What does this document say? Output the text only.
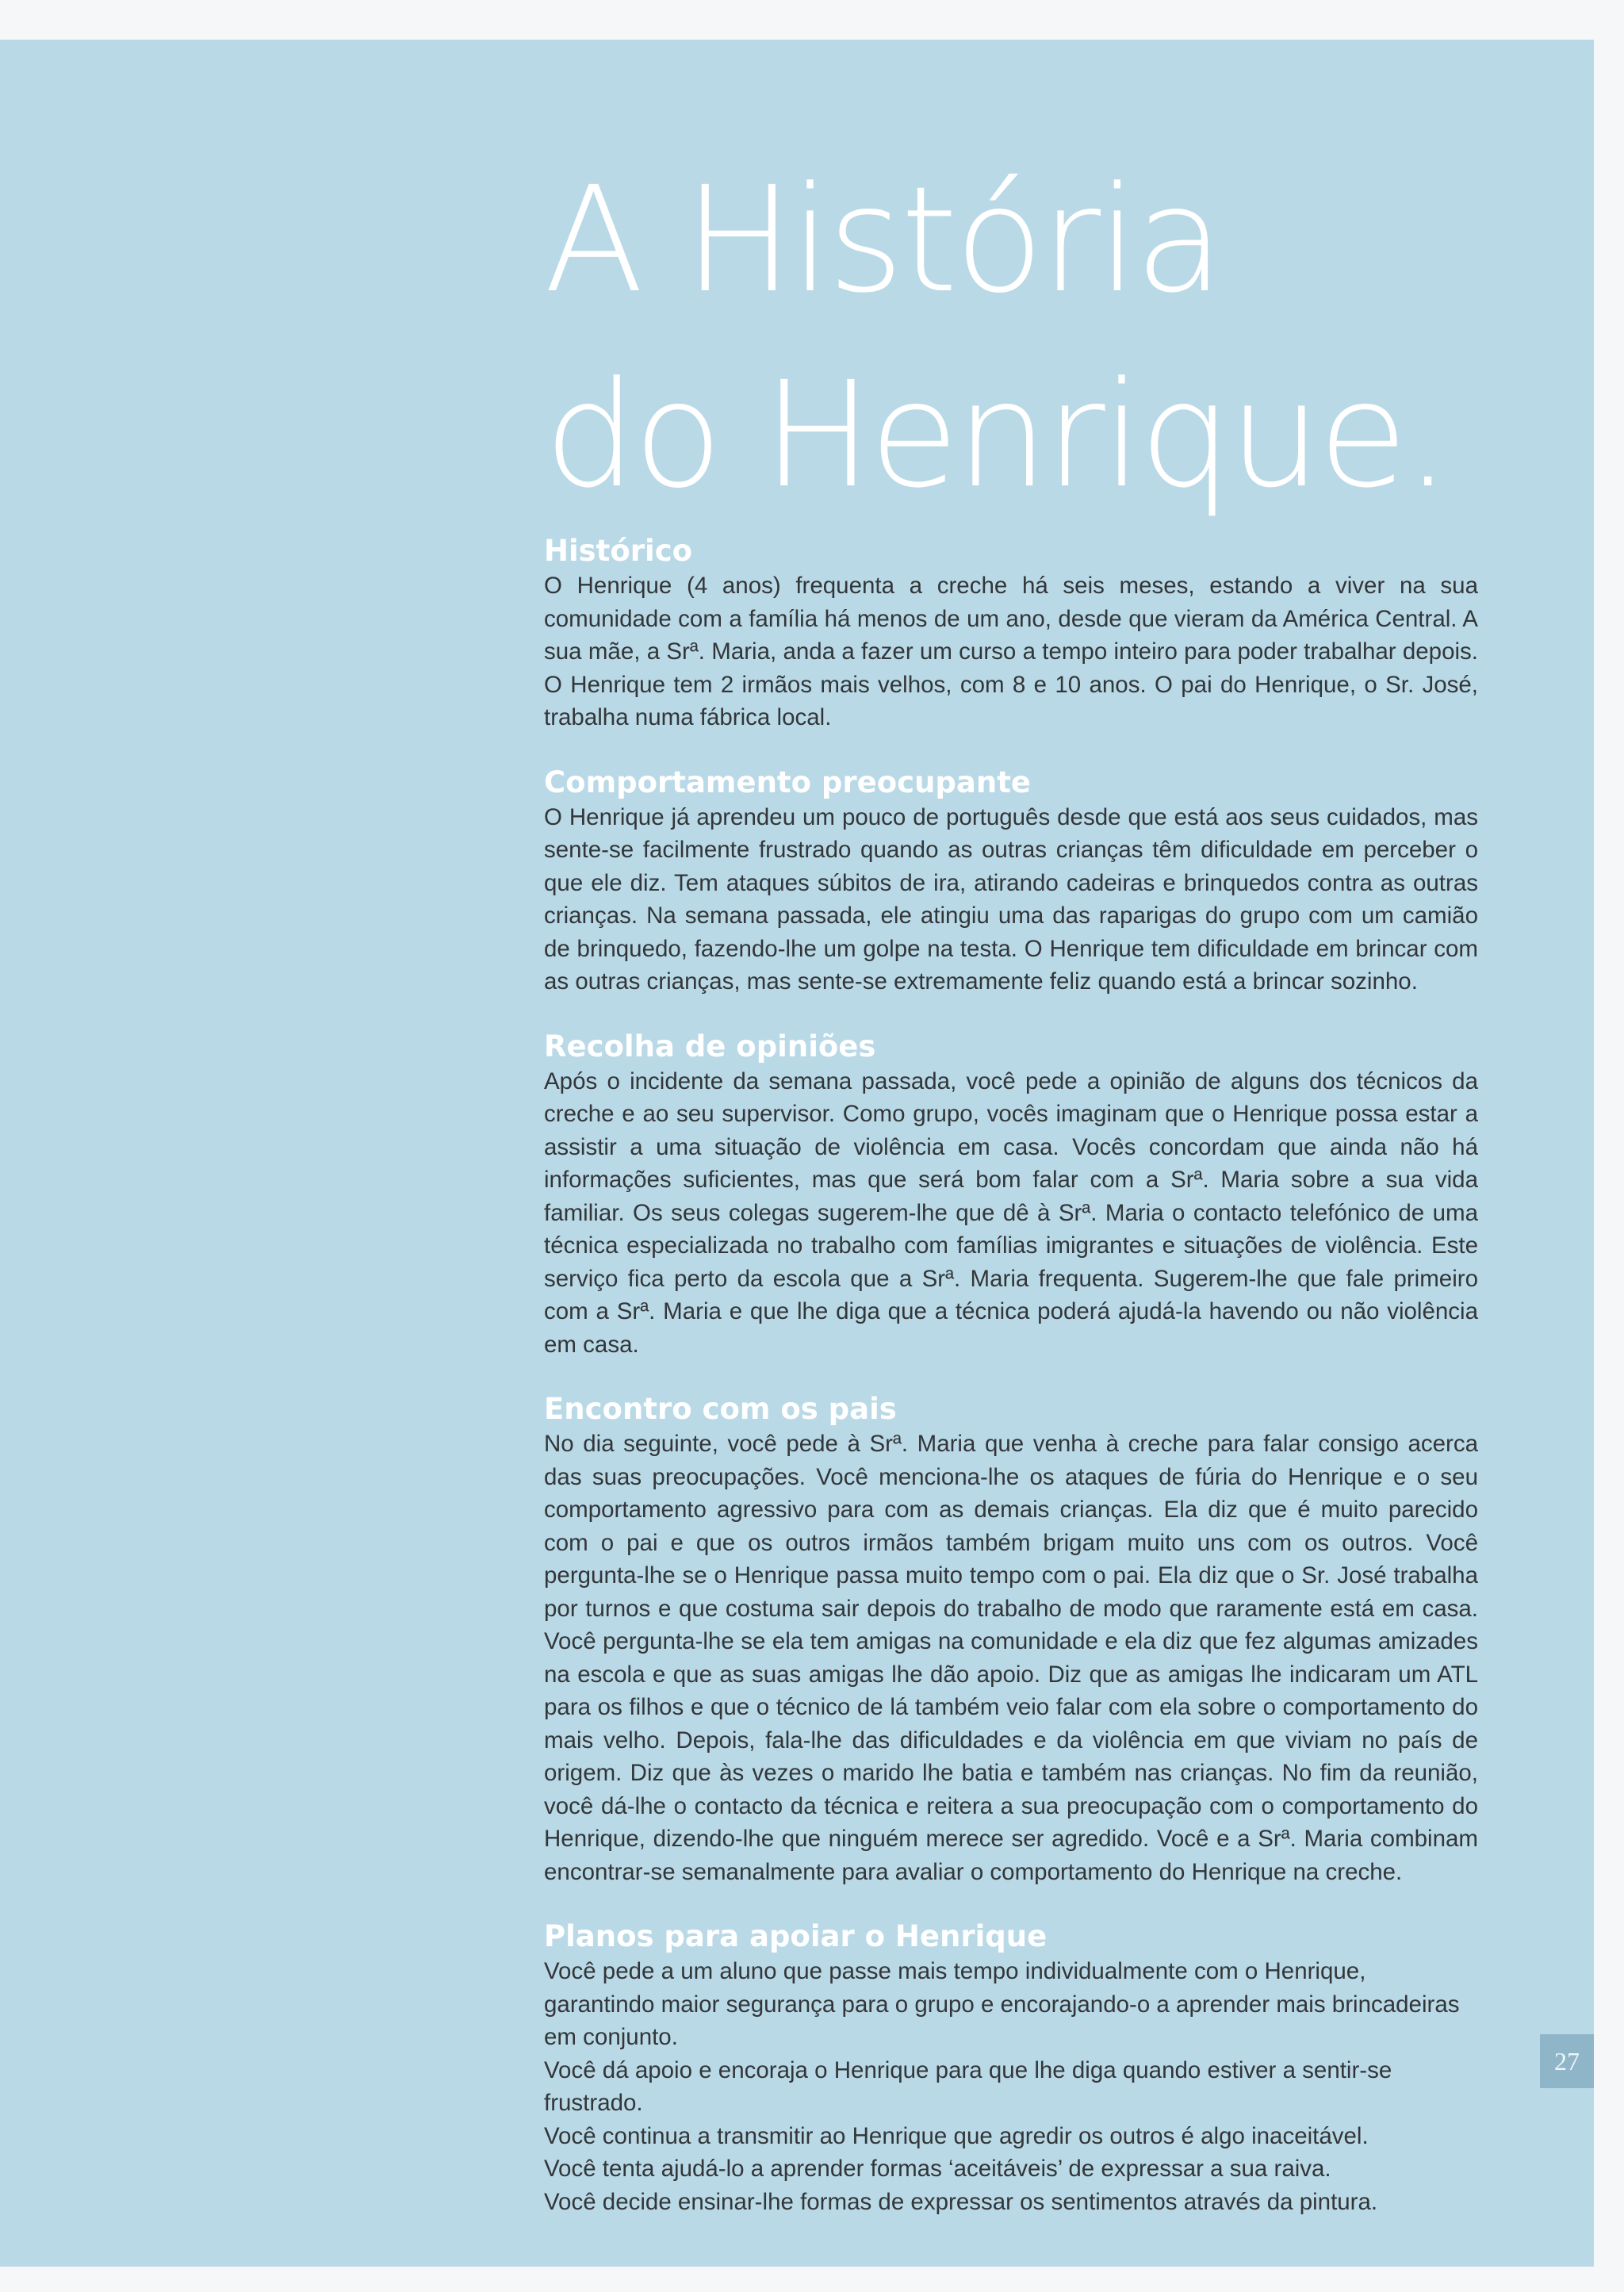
A História
do Henrique.
Histórico

O Henrique (4 anos) frequenta a creche há seis meses, estando a viver na sua comunidade com a família há menos de um ano, desde que vieram da América Central. A sua mãe, a Srª. Maria, anda a fazer um curso a tempo inteiro para poder trabalhar depois. O Henrique tem 2 irmãos mais velhos, com 8 e 10 anos. O pai do Henrique, o Sr. José, trabalha numa fábrica local.

Comportamento preocupante

O Henrique já aprendeu um pouco de português desde que está aos seus cuidados, mas sente-se facilmente frustrado quando as outras crianças têm dificuldade em perceber o que ele diz. Tem ataques súbitos de ira, atirando cadeiras e brinquedos contra as outras crianças. Na semana passada, ele atingiu uma das raparigas do grupo com um camião de brinquedo, fazendo-lhe um golpe na testa. O Henrique tem dificuldade em brincar com as outras crianças, mas sente-se extremamente feliz quando está a brincar sozinho.

Recolha de opiniões

Após o incidente da semana passada, você pede a opinião de alguns dos técnicos da creche e ao seu supervisor. Como grupo, vocês imaginam que o Henrique possa estar a assistir a uma situação de violência em casa. Vocês concordam que ainda não há informações suficientes, mas que será bom falar com a Srª. Maria sobre a sua vida familiar. Os seus colegas sugerem-lhe que dê à Srª. Maria o contacto telefónico de uma técnica especializada no trabalho com famílias imigrantes e situações de violência. Este serviço fica perto da escola que a Srª. Maria frequenta. Sugerem-lhe que fale primeiro com a Srª. Maria e que lhe diga que a técnica poderá ajudá-la havendo ou não violência em casa.

Encontro com os pais

No dia seguinte, você pede à Srª. Maria que venha à creche para falar consigo acerca das suas preocupações. Você menciona-lhe os ataques de fúria do Henrique e o seu comportamento agressivo para com as demais crianças. Ela diz que é muito parecido com o pai e que os outros irmãos também brigam muito uns com os outros. Você pergunta-lhe se o Henrique passa muito tempo com o pai. Ela diz que o Sr. José trabalha por turnos e que costuma sair depois do trabalho de modo que raramente está em casa. Você pergunta-lhe se ela tem amigas na comunidade e ela diz que fez algumas amizades na escola e que as suas amigas lhe dão apoio. Diz que as amigas lhe indicaram um ATL para os filhos e que o técnico de lá também veio falar com ela sobre o comportamento do mais velho. Depois, fala-lhe das dificuldades e da violência em que viviam no país de origem. Diz que às vezes o marido lhe batia e também nas crianças. No fim da reunião, você dá-lhe o contacto da técnica e reitera a sua preocupação com o comportamento do Henrique, dizendo-lhe que ninguém merece ser agredido. Você e a Srª. Maria combinam encontrar-se semanalmente para avaliar o comportamento do Henrique na creche.

Planos para apoiar o Henrique

Você pede a um aluno que passe mais tempo individualmente com o Henrique, garantindo maior segurança para o grupo e encorajando-o a aprender mais brincadeiras em conjunto.

Você dá apoio e encoraja o Henrique para que lhe diga quando estiver a sentir-se frustrado.

Você continua a transmitir ao Henrique que agredir os outros é algo inaceitável.

Você tenta ajudá-lo a aprender formas ‘aceitáveis’ de expressar a sua raiva.

Você decide ensinar-lhe formas de expressar os sentimentos através da pintura.

27
